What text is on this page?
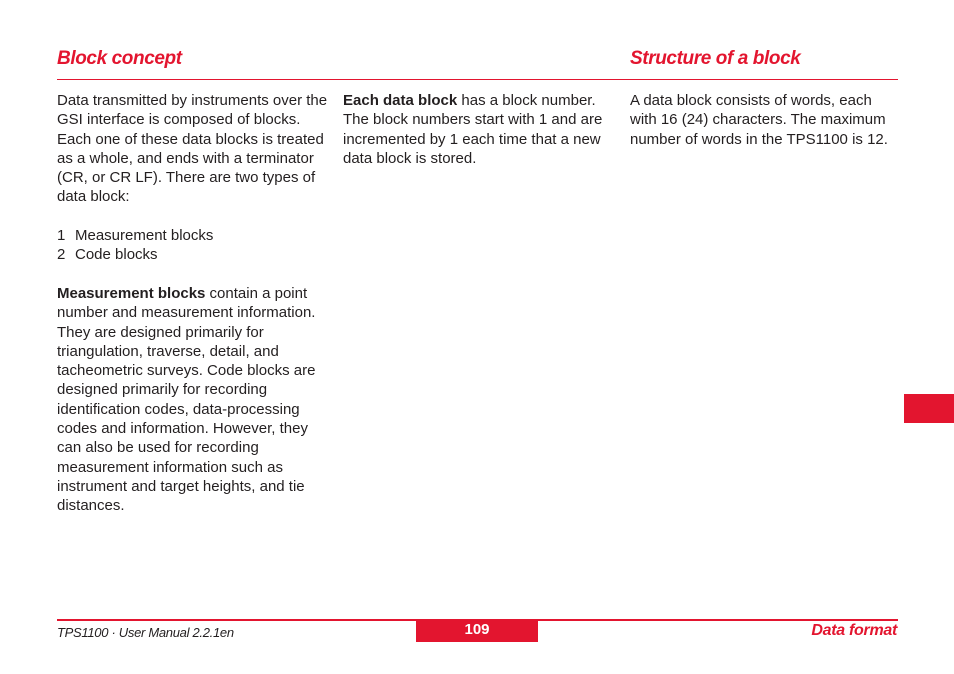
Block concept	Structure of a block

Data transmitted by instruments over the GSI interface is composed of blocks. Each one of these data blocks is treated as a whole, and ends with a terminator (CR, or CR LF). There are two types of data block:

1 Measurement blocks
2 Code blocks

Measurement blocks contain a point number and measurement information. They are designed primarily for triangulation, traverse, detail, and tacheometric surveys. Code blocks are designed primarily for recording identification codes, data-processing codes and information. However, they can also be used for recording measurement information such as instrument and target heights, and tie distances.

Each data block has a block number. The block numbers start with 1 and are incremented by 1 each time that a new data block is stored.

A data block consists of words, each with 16 (24) characters. The maximum number of words in the TPS1100 is 12.

109
TPS1100 · User Manual 2.2.1en	Data format
